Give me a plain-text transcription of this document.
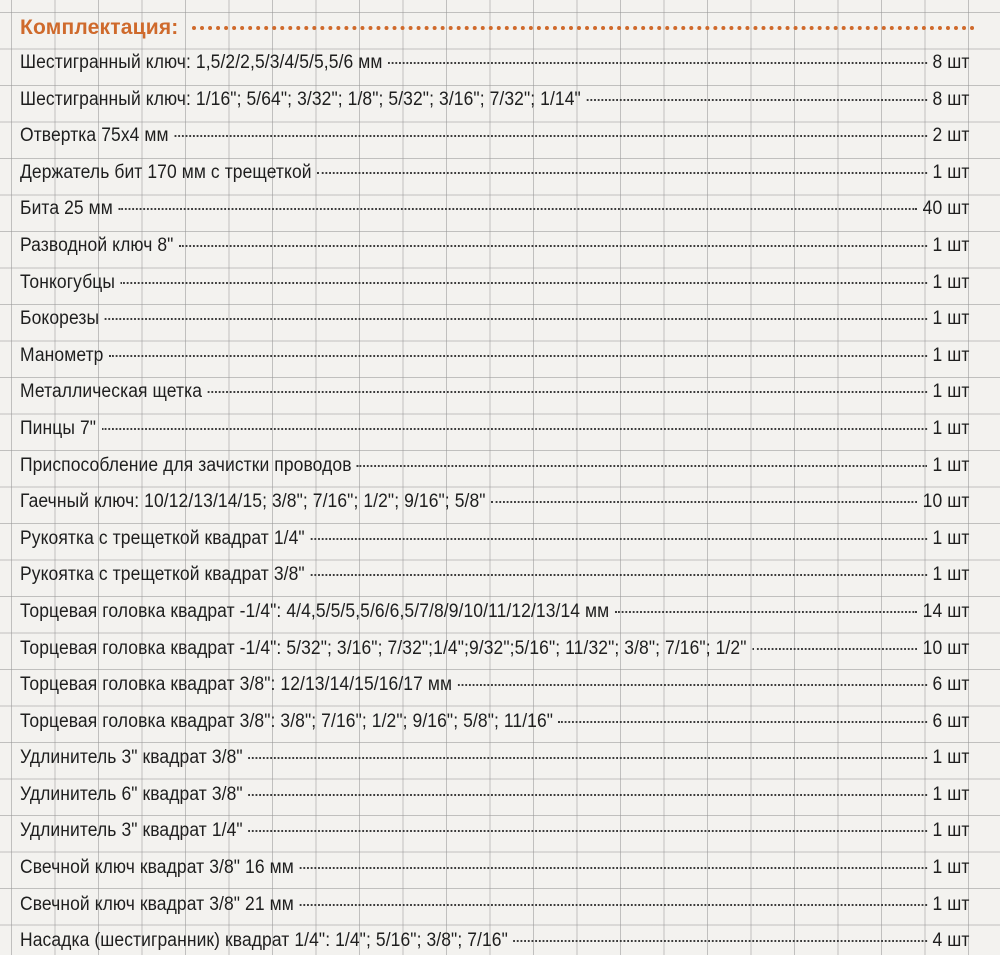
Комплектация:
Шестигранный ключ: 1,5/2/2,5/3/4/5/5,5/6 мм	8 шт
Шестигранный ключ: 1/16"; 5/64"; 3/32"; 1/8"; 5/32"; 3/16"; 7/32"; 1/14"	8 шт
Отвертка 75х4 мм	2 шт
Держатель бит 170 мм с трещеткой	1 шт
Бита 25 мм	40 шт
Разводной ключ 8"	1 шт
Тонкогубцы	1 шт
Бокорезы	1 шт
Манометр	1 шт
Металлическая щетка	1 шт
Пинцы 7"	1 шт
Приспособление для зачистки проводов	1 шт
Гаечный ключ: 10/12/13/14/15; 3/8"; 7/16"; 1/2"; 9/16"; 5/8"	10 шт
Рукоятка с трещеткой квадрат 1/4"	1 шт
Рукоятка с трещеткой квадрат 3/8"	1 шт
Торцевая головка квадрат -1/4": 4/4,5/5/5,5/6/6,5/7/8/9/10/11/12/13/14 мм	14 шт
Торцевая головка квадрат -1/4": 5/32"; 3/16"; 7/32";1/4";9/32";5/16"; 11/32"; 3/8"; 7/16"; 1/2"	10 шт
Торцевая головка квадрат 3/8": 12/13/14/15/16/17 мм	6 шт
Торцевая головка квадрат 3/8": 3/8"; 7/16"; 1/2"; 9/16"; 5/8"; 11/16"	6 шт
Удлинитель 3" квадрат 3/8"	1 шт
Удлинитель 6" квадрат 3/8"	1 шт
Удлинитель 3" квадрат 1/4"	1 шт
Свечной ключ квадрат 3/8" 16 мм	1 шт
Свечной ключ квадрат 3/8" 21 мм	1 шт
Насадка (шестигранник) квадрат 1/4": 1/4"; 5/16"; 3/8"; 7/16"	4 шт
